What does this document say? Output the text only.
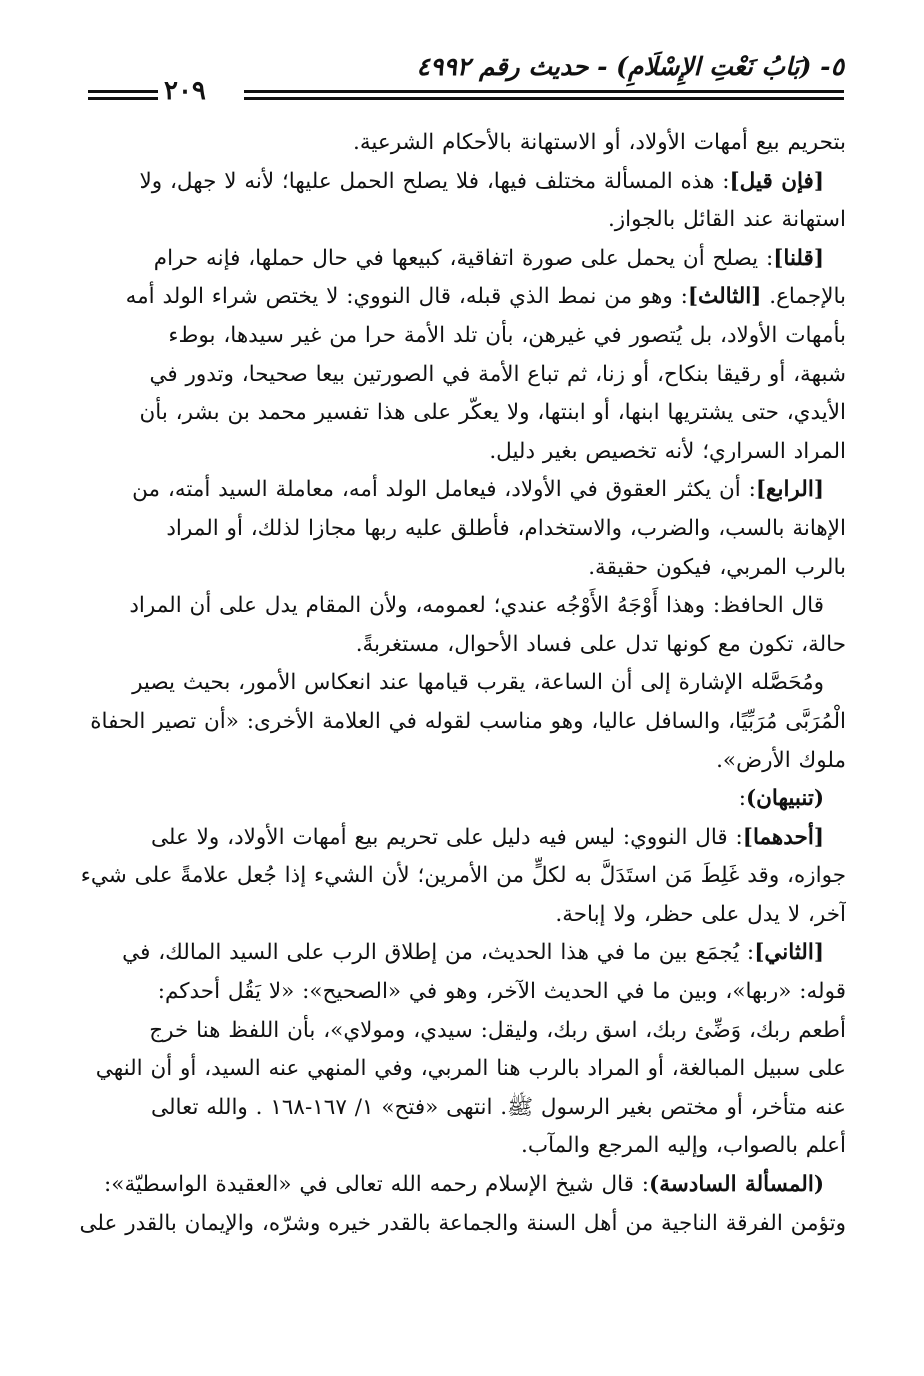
٥- (بَابُ نَعْتِ الإِسْلَامِ) - حديث رقم ٤٩٩٢
٢٠٩
بتحريم بيع أمهات الأولاد، أو الاستهانة بالأحكام الشرعية.
[فإن قيل]: هذه المسألة مختلف فيها، فلا يصلح الحمل عليها؛ لأنه لا جهل، ولا
استهانة عند القائل بالجواز.
[قلنا]: يصلح أن يحمل على صورة اتفاقية، كبيعها في حال حملها، فإنه حرام
بالإجماع. [الثالث]: وهو من نمط الذي قبله، قال النووي: لا يختص شراء الولد أمه
بأمهات الأولاد، بل يُتصور في غيرهن، بأن تلد الأمة حرا من غير سيدها، بوطء
شبهة، أو رقيقا بنكاح، أو زنا، ثم تباع الأمة في الصورتين بيعا صحيحا، وتدور في
الأيدي، حتى يشتريها ابنها، أو ابنتها، ولا يعكّر على هذا تفسير محمد بن بشر، بأن
المراد السراري؛ لأنه تخصيص بغير دليل.
[الرابع]: أن يكثر العقوق في الأولاد، فيعامل الولد أمه، معاملة السيد أمته، من
الإهانة بالسب، والضرب، والاستخدام، فأطلق عليه ربها مجازا لذلك، أو المراد
بالرب المربي، فيكون حقيقة.
قال الحافظ: وهذا أَوْجَهُ الأَوْجُه عندي؛ لعمومه، ولأن المقام يدل على أن المراد
حالة، تكون مع كونها تدل على فساد الأحوال، مستغربةً.
ومُحَصَّله الإشارة إلى أن الساعة، يقرب قيامها عند انعكاس الأمور، بحيث يصير
الْمُرَبَّى مُرَبِّيًا، والسافل عاليا، وهو مناسب لقوله في العلامة الأخرى: «أن تصير الحفاة
ملوك الأرض».
(تنبيهان):
[أحدهما]: قال النووي: ليس فيه دليل على تحريم بيع أمهات الأولاد، ولا على
جوازه، وقد غَلِطَ مَن استَدَلَّ به لكلٍّ من الأمرين؛ لأن الشيء إذا جُعل علامةً على شيء
آخر، لا يدل على حظر، ولا إباحة.
[الثاني]: يُجمَع بين ما في هذا الحديث، من إطلاق الرب على السيد المالك، في
قوله: «ربها»، وبين ما في الحديث الآخر، وهو في «الصحيح»: «لا يَقُل أحدكم:
أطعم ربك، وَضِّئ ربك، اسق ربك، وليقل: سيدي، ومولاي»، بأن اللفظ هنا خرج
على سبيل المبالغة، أو المراد بالرب هنا المربي، وفي المنهي عنه السيد، أو أن النهي
عنه متأخر، أو مختص بغير الرسول ﷺ. انتهى «فتح» ١/ ١٦٧-١٦٨ . والله تعالى
أعلم بالصواب، وإليه المرجع والمآب.
(المسألة السادسة): قال شيخ الإسلام رحمه الله تعالى في «العقيدة الواسطيّة»:
وتؤمن الفرقة الناجية من أهل السنة والجماعة بالقدر خيره وشرّه، والإيمان بالقدر على
